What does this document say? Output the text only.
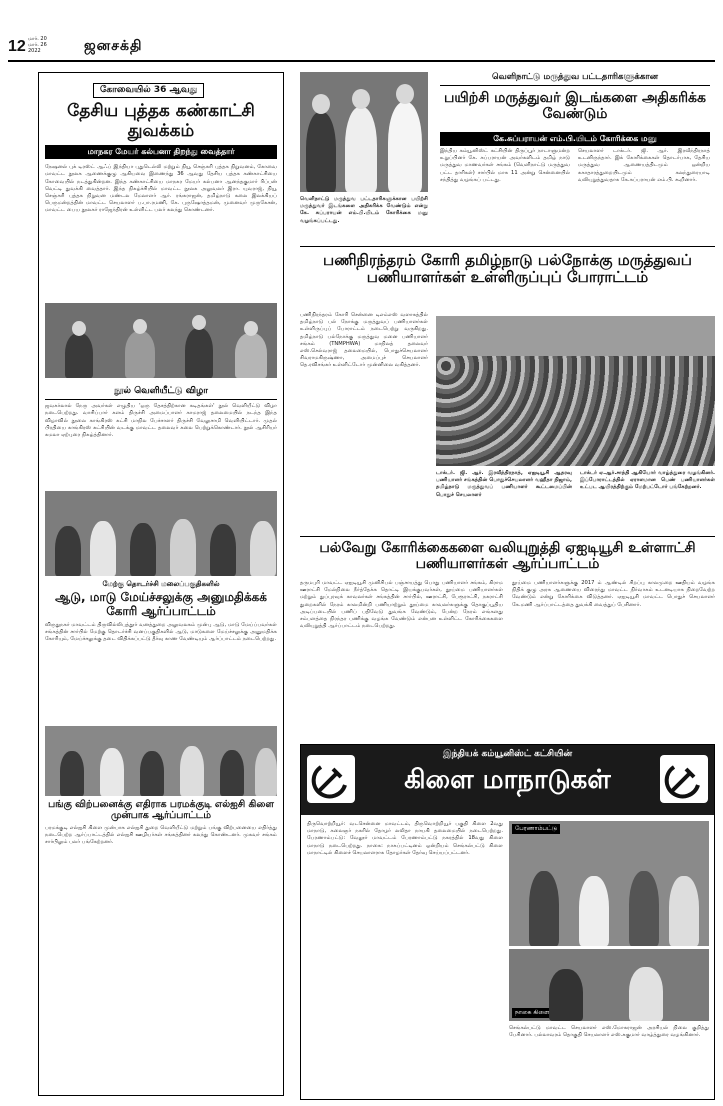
12 மார். 20
மார். 26
2022	ஜனசக்தி
கோவையில் 36 ஆவது
தேசிய புத்தக கண்காட்சி துவக்கம்
மாநகர மேயர் கல்பனா திறந்து வைத்தார்
நேஷனல் புக் டிரஸ்ட் ஆஃப் இந்தியா புதுடெல்லி மற்றும் நியூ செஞ்சுரி புத்தக நிறுவனம், கோவை மாவட்ட நூலக ஆணைக்குழு ஆகியவை இணைந்து 36 ஆவது தேசிய புத்தக கண்காட்சியை கோவையில் நடத்துகின்றன. இந்த கண்காட்சியை மாநகர மேயர் கல்பனா ஆனந்தகுமார் ரிப்பன் வெட்டி துவக்கி வைத்தார். இந்த நிகழ்ச்சியில் மாவட்ட நூலக அலுவலர் இரா. யுவராஜ், நியூ செஞ்சுரி புத்தக நிறுவன மண்டல மேலாளர் ஆர். ரங்கராஜன், தமிழ்நாடு கலை இலக்கியப் பெருமன்றத்தின் மாவட்ட செயலாளர் ப.பா.ரமணி, கே. புருஷோத்தமன், முனைவர் முருகேசன், மாவட்ட பைய நூலகர் ராஜேந்திரன் உள்ளிட்ட பலர் கலந்து கொண்டனர்.
நூல் வெளியீட்டு விழா
ஜவகர்லால் நேரு அவர்கள் எழுதிய 'ஒரு தேசத்திற்கான கடிதங்கள்' நூல் வெளியீட்டு விழா நடைபெற்றது. வாசிப்பார் களம் திருச்சி அமைப்பாளர் காமராஜ் தலைமையில் நடந்த இந்த விழாவில் நூலை காங்கிரஸ் கட்சி மாநில பேச்சாளர் திருச்சி வேலுசாமி வெளியிட்டார். முதல் பிரதியை காங்கிரஸ் கட்சியின் வடக்கு மாவட்ட தலைவர் கலை பெற்றுக்கொண்டார். நூல் ஆசிரியர் கமலா ஏற்புரை நிகழ்த்தினார்.
மேற்கு தொடர்ச்சி மலைப்பகுதிகளில்
ஆடு, மாடு மேய்ச்சலுக்கு அனுமதிக்கக் கோரி ஆர்ப்பாட்டம்
விருதுநகர் மாவட்டம் திருவில்லிபுத்தூர் வனத்துறை அலுவலகம் முன்பு ஆடு, மாடு மேய்ப்பவர்கள் சங்கத்தின் சார்பில் மேற்கு தொடர்ச்சி வனப்பகுதிகளில் ஆடு, மாடுகளை மேய்ச்சலுக்கு அனுமதிக்க கோரியும், மேய்ச்சலுக்கு தடை விதிக்கப்பட்டு தீர்வு காண வேண்டியும் ஆர்ப்பாட்டம் நடைபெற்றது.
பங்கு விற்பனைக்கு எதிராக பரமக்குடி எல்ஐசி கிளை முன்பாக ஆர்ப்பாட்டம்
பரமக்குடி எல்ஐசி கிளை முன்பாக எல்ஐசி துறை வெளியீட்டு மற்றும் பங்கு விற்பனையை எதிர்த்து நடைபெற்ற ஆர்ப்பாட்டத்தில் எல்ஐசி ஊழியர்கள் சங்கத்தினர் கலந்து கொண்டனர். முகவர் சங்கம் சார்பிலும் பலர் பங்கேற்றனர்.
வெளிநாட்டு மருத்துவ பட்டதாரிகளுக்கான பயிற்சி மருத்துவர் இடங்களை அதிகரிக்க வேண்டும் என்று கே. சுப்பராயன் எம்.பி.யிடம் கோரிக்கை மனு வழங்கப்பட்டது.
வெளிநாட்டு மருத்துவ பட்டதாரிகளுக்கான
பயிற்சி மருத்துவர் இடங்களை அதிகரிக்க வேண்டும்
கே.சுப்பராயன் எம்.பி.யிடம் கோரிக்கை மனு
இந்திய கம்யூனிஸ்ட் கட்சியின் திருப்பூர் நாடாளுமன்ற உறுப்பினர் கே. சுப்பராயன் அவர்களிடம் தமிழ் நாடு மருத்துவ மாணவர்கள் சங்கம் (வெளிநாட்டு மருத்துவ பட்ட தாரிகள்) சார்பில் மாசு 11 அன்று சென்னையில் சந்தித்து வழங்கப் பட்டது.
செயலாளர் டாக்டர். ஜி. ஆர். இரவீந்திரநாத் உடனிருந்தார். இக் கோரிக்கைகள் தொடர்பாக, தேசிய மருத்துவ ஆணையத்திடமும் ஒன்றிய சுகாதாரத்துறையிடமும் கலந்துரையாடி வலியுறுத்துவதாக கே.சுப்பராயன் எம்.பி. கூறினார்.
பணிநிரந்தரம் கோரி தமிழ்நாடு பல்நோக்கு மருத்துவப் பணியாளர்கள் உள்ளிருப்புப் போராட்டம்
பணிநிரந்தரம் கோரி சென்னை டிஎம்எஸ் வளாகத்தில் தமிழ்நாடு பல் நோக்கு மருத்துவப் பணியாளர்கள் உள்ளிருப்புப் போராட்டம் நடைபெற்று வருகிறது. தமிழ்நாடு பல்நோக்கு மருத்துவ மனை பணியாளர் சங்கம் (TNMPHWA) மாநிலத் தலைவர் எஸ்.செல்வராஜ் தலைமையில், பொதுச்செயலாளர் சிவராமகிருஷ்ணா, அமைப்புச் செயலாளர் தெ.ரவிசங்கர் உள்ளிட்டோர் முன்னிலை வகித்தனர்.
டாக்டர். ஜி. ஆர். இரவீந்திரநாத், ஏஐடியூசி ஆதரவு பணியாளர் சங்கத்தின் பொதுச்செயலாளர் வஹீதா நிஜாம், தமிழ்நாடு மருத்துவப் பணியாளர் கூட்டமைப்பின் பொதுச் செயலாளர்
டாக்டர் ஏ.ஆர்.சாந்தி ஆகியோர் வாழ்த்துரை வழங்கினர். இப்போராட்டத்தில் ஏராளமான பெண் பணியாளர்கள் உட்பட ஆயிரத்திற்கும் மேற்பட்டோர் பங்கேற்றனர்.
பல்வேறு கோரிக்கைகளை வலியுறுத்தி ஏஐடியூசி உள்ளாட்சி பணியாளர்கள் ஆர்ப்பாட்டம்
தருமபுரி மாவட்ட ஏஐடியூசி முனிசிபல் பஞ்சாயத்து பொது பணியாளர் சங்கம், கிராம ஊராட்சி மேல்நிலை நீர்த்தேக்க தொட்டி இயக்குபவர்கள், தூய்மை பணியாளர்கள் மற்றும் துப்புரவுக் காவலர்கள் சங்கத்தின் சார்பில், ஊராட்சி, பேரூராட்சி, நகராட்சி துறைகளில் நேரம் காலமின்றி பணியாற்றும் தூய்மை காவலர்களுக்கு தொகுப்பூதிய அடிப்படையில் பணிப் பதிவேடு துவங்க வேண்டும், பேன்ற நேரம் எங்களது சம்பளத்தை நிரந்தர பணிக்கு வழங்க வேண்டும் என்பன உள்ளிட்ட கோரிக்கைகளை வலியுறுத்தி ஆர்ப்பாட்டம் நடைபெற்றது.
தூய்மை பணியாளர்களுக்கு 2017 ம் ஆண்டில் சிறப்பு காலமுறை ஊதியம் வழங்க நிதிக் குழு அரசு ஆணையை விரைந்து மாவட்ட நிர்வாகம் உடனடியாக நிறைவேற்ற வேண்டும் என்று கோரிக்கை விடுத்தனர். ஏஐடியூசி மாவட்ட பொதுச் செயலாளர் கே.மணி ஆர்ப்பாட்டத்தை துவக்கி வைத்துப் பேசினார்.
இந்தியக் கம்யூனிஸ்ட் கட்சியின்
கிளை மாநாடுகள்
திருவொற்றியூர்: வடசென்னை மாவட்டம், திருவொற்றியூர் பகுதி கிளை 2வது மாநாடு, கலைஞர் நகரில் தோழர் லலிதா நாயகி தலைமையில் நடைபெற்றது. பேரணாம்பட்டு: வேலூர் மாவட்டம் பேரணாம்பட்டு நகரத்தில் 18வது கிளை மாநாடு நடைபெற்றது. நாகை: நாகப்பட்டினம் ஒன்றியம் செங்கல்பட்டு கிளை மாநாட்டில் கிளைச் செயலாளராக தோழர்கள் தேர்வு செய்யப்பட்டனர்.
பேரணாம்பட்டு
நாகை கிளை
செங்கல்பட்டு மாவட்ட செயலாளர் எஸ்.மோகராஜன் அரசியல் நிலை குறித்து பேசினார். பல்லாவரம் தொகுதி செயலாளர் எஸ்.சுகுமார் வாழ்த்துரை வழங்கினார்.
